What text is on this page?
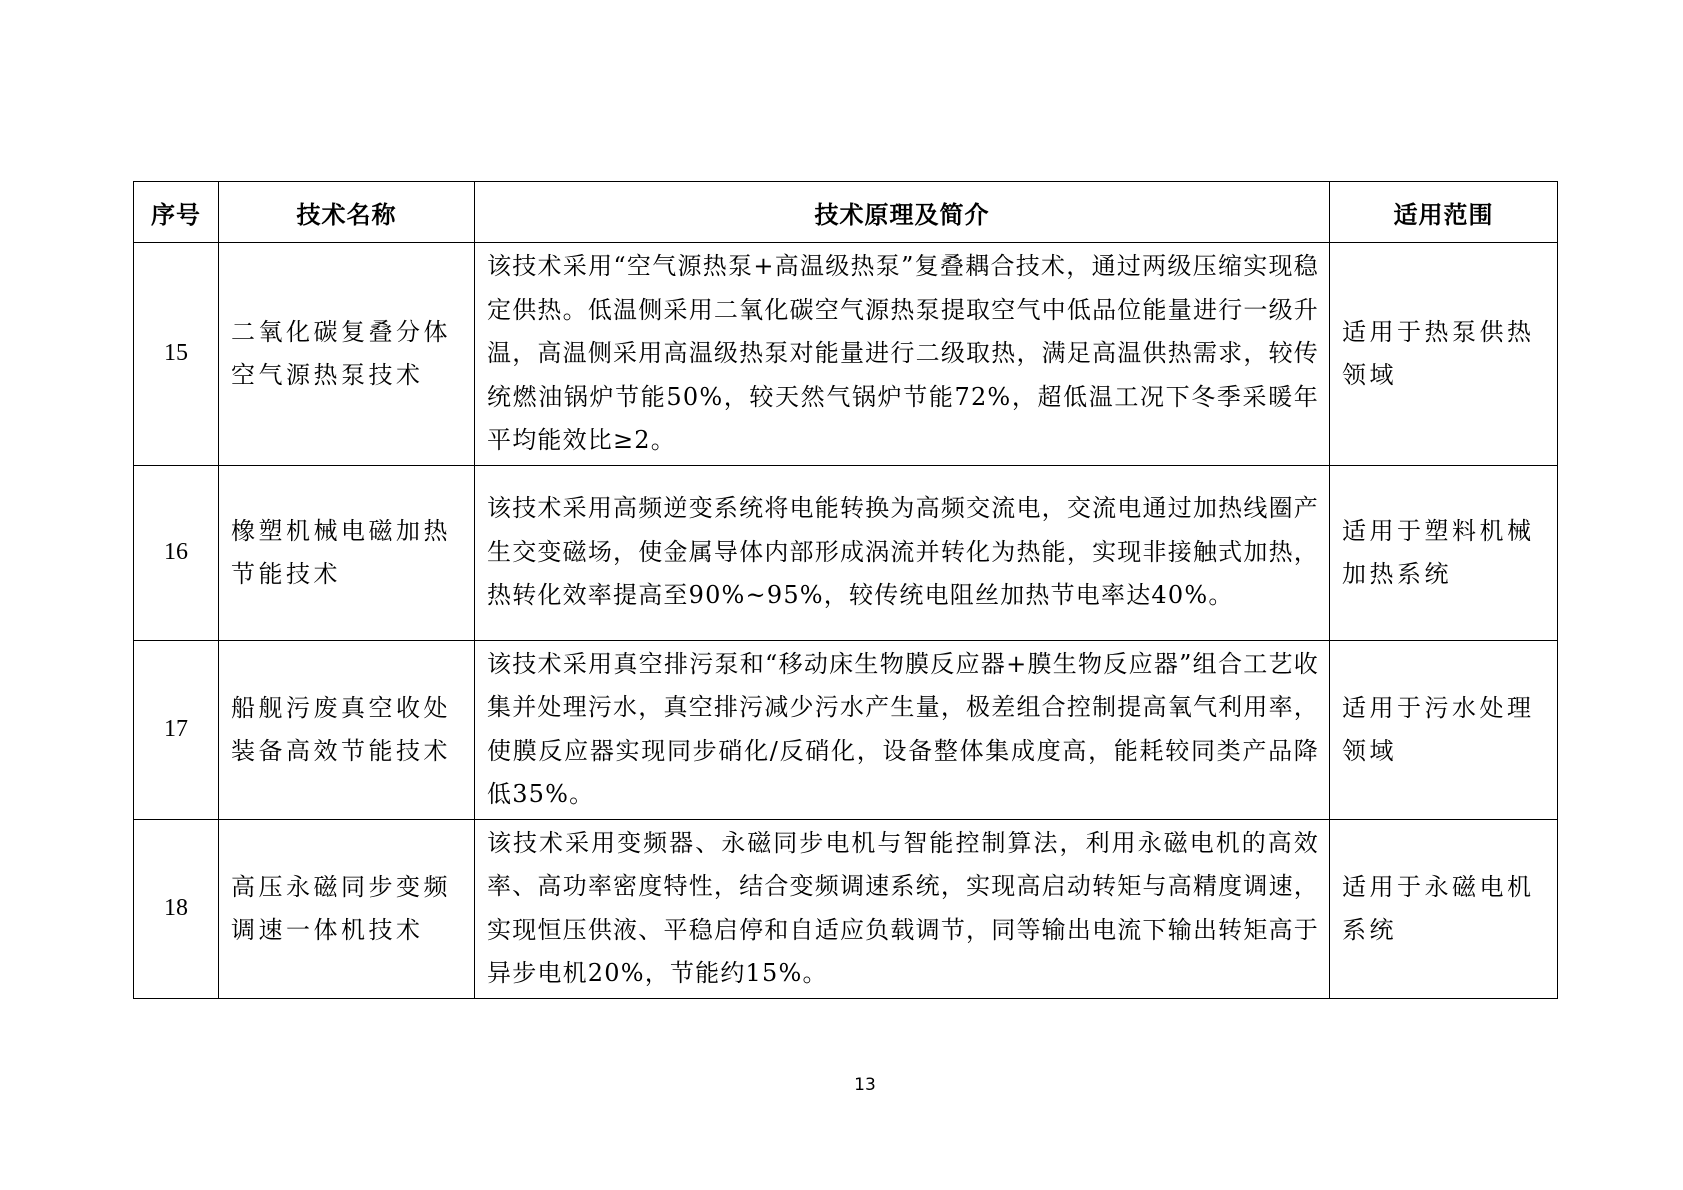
序号	技术名称	技术原理及简介	适用范围
15	二氧化碳复叠分体空气源热泵技术	该技术采用“空气源热泵+高温级热泵”复叠耦合技术，通过两级压缩实现稳定供热。低温侧采用二氧化碳空气源热泵提取空气中低品位能量进行一级升温，高温侧采用高温级热泵对能量进行二级取热，满足高温供热需求，较传统燃油锅炉节能50%，较天然气锅炉节能72%，超低温工况下冬季采暖年平均能效比≥2。	适用于热泵供热领域
16	橡塑机械电磁加热节能技术	该技术采用高频逆变系统将电能转换为高频交流电，交流电通过加热线圈产生交变磁场，使金属导体内部形成涡流并转化为热能，实现非接触式加热，热转化效率提高至90%~95%，较传统电阻丝加热节电率达40%。	适用于塑料机械加热系统
17	船舰污废真空收处装备高效节能技术	该技术采用真空排污泵和“移动床生物膜反应器+膜生物反应器”组合工艺收集并处理污水，真空排污减少污水产生量，极差组合控制提高氧气利用率，使膜反应器实现同步硝化/反硝化，设备整体集成度高，能耗较同类产品降低35%。	适用于污水处理领域
18	高压永磁同步变频调速一体机技术	该技术采用变频器、永磁同步电机与智能控制算法，利用永磁电机的高效率、高功率密度特性，结合变频调速系统，实现高启动转矩与高精度调速，实现恒压供液、平稳启停和自适应负载调节，同等输出电流下输出转矩高于异步电机20%，节能约15%。	适用于永磁电机系统
13
